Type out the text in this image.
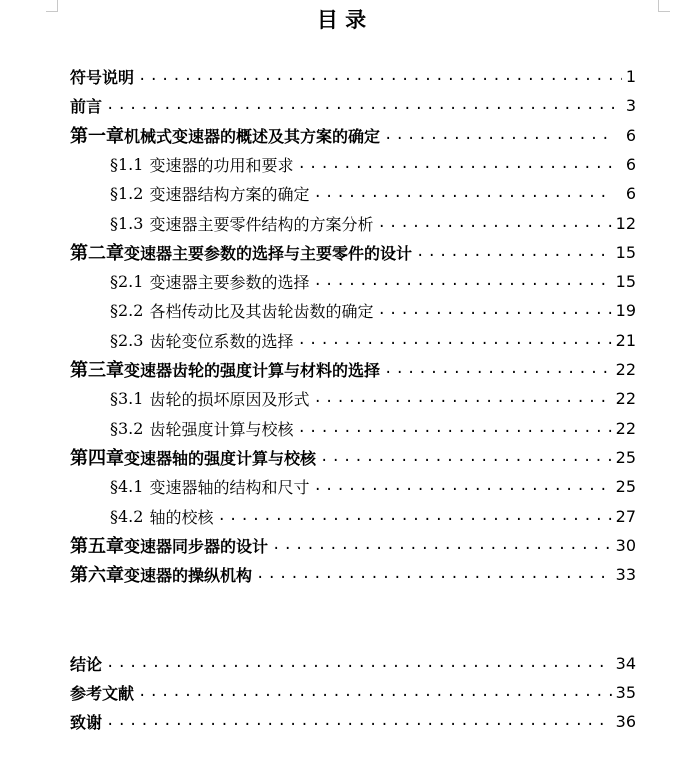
目 录
符号说明 .....	1
前言 .....	3
第一章 机械式变速器的概述及其方案的确定 .....	6
§1.1 变速器的功用和要求 .....	6
§1.2 变速器结构方案的确定 .....	6
§1.3 变速器主要零件结构的方案分析 .....	12
第二章 变速器主要参数的选择与主要零件的设计 .....	15
§2.1 变速器主要参数的选择 .....	15
§2.2 各档传动比及其齿轮齿数的确定 .....	19
§2.3 齿轮变位系数的选择 .....	21
第三章 变速器齿轮的强度计算与材料的选择 .....	22
§3.1 齿轮的损坏原因及形式 .....	22
§3.2 齿轮强度计算与校核 .....	22
第四章 变速器轴的强度计算与校核 .....	25
§4.1 变速器轴的结构和尺寸 .....	25
§4.2 轴的校核 .....	27
第五章 变速器同步器的设计 .....	30
第六章 变速器的操纵机构 .....	33
结论 .....	34
参考文献 .....	35
致谢 .....	36
